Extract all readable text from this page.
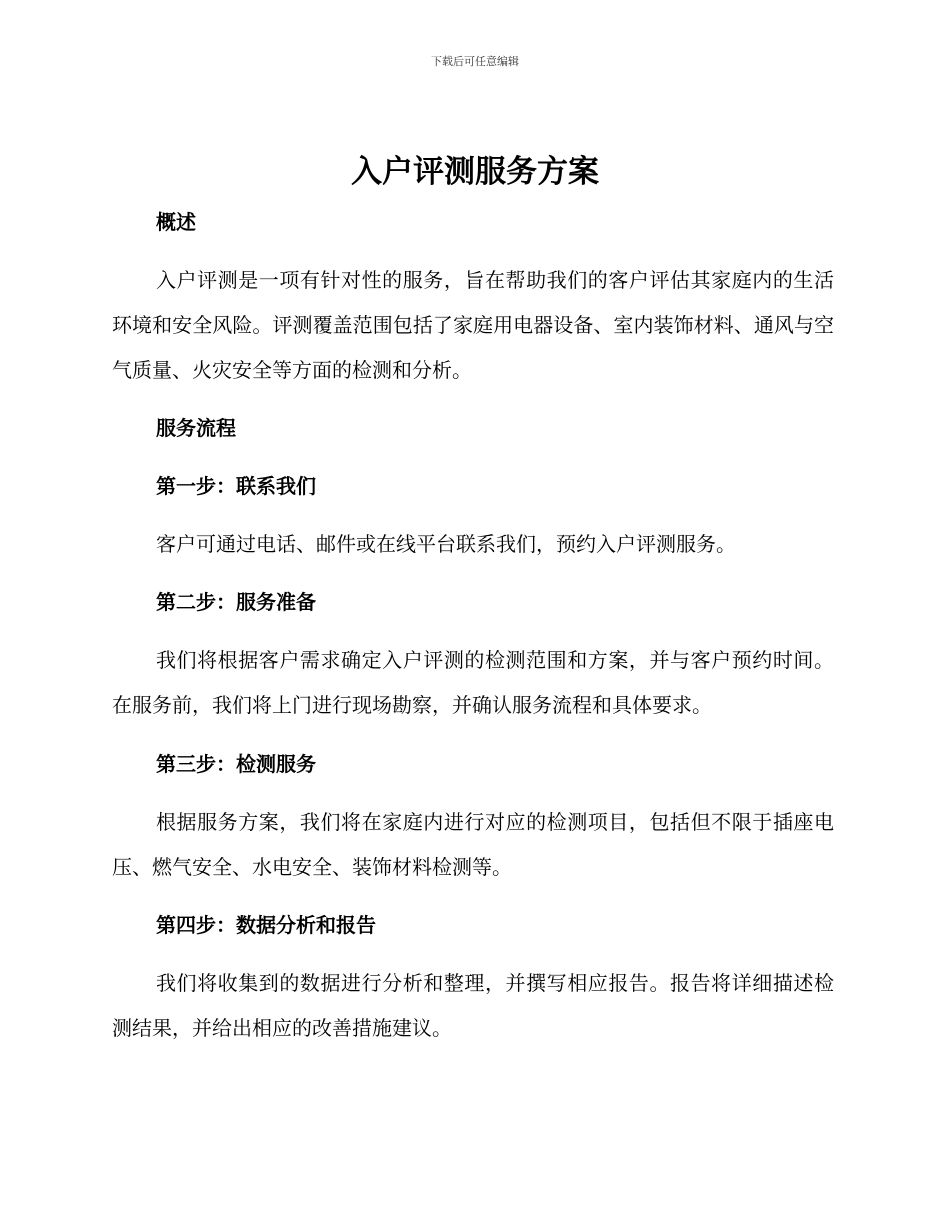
下载后可任意编辑
入户评测服务方案

概述

入户评测是一项有针对性的服务，旨在帮助我们的客户评估其家庭内的生活环境和安全风险。评测覆盖范围包括了家庭用电器设备、室内装饰材料、通风与空气质量、火灾安全等方面的检测和分析。

服务流程

第一步：联系我们

客户可通过电话、邮件或在线平台联系我们，预约入户评测服务。

第二步：服务准备

我们将根据客户需求确定入户评测的检测范围和方案，并与客户预约时间。在服务前，我们将上门进行现场勘察，并确认服务流程和具体要求。

第三步：检测服务

根据服务方案，我们将在家庭内进行对应的检测项目，包括但不限于插座电压、燃气安全、水电安全、装饰材料检测等。

第四步：数据分析和报告

我们将收集到的数据进行分析和整理，并撰写相应报告。报告将详细描述检测结果，并给出相应的改善措施建议。
